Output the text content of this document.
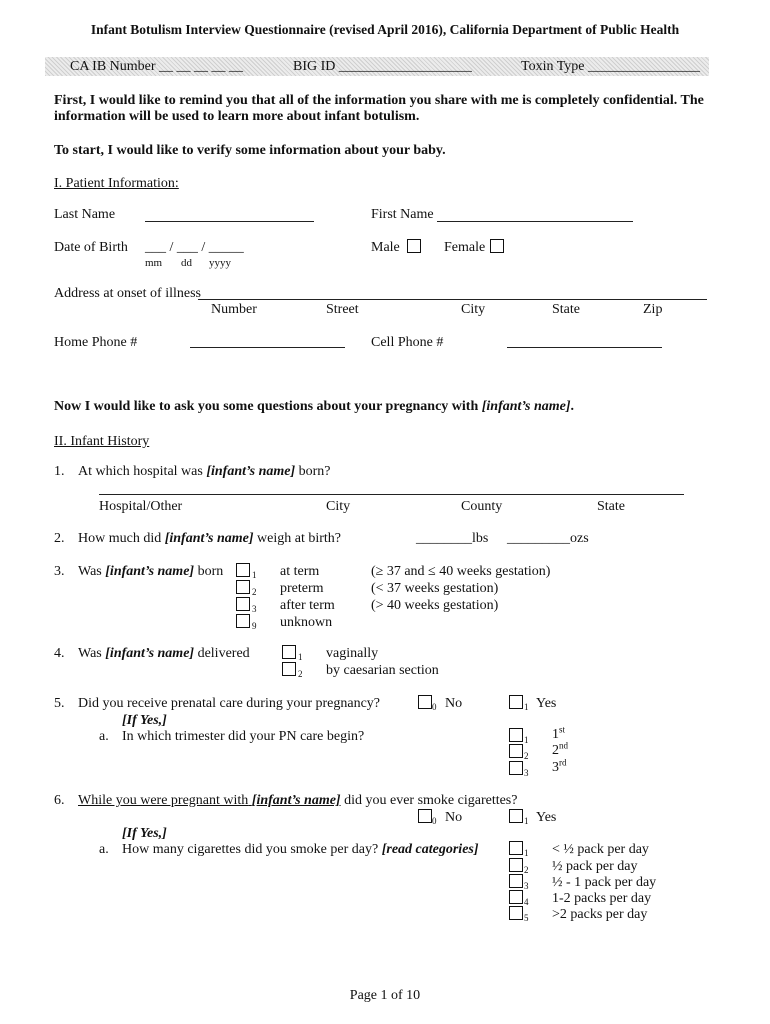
Infant Botulism Interview Questionnaire (revised April 2016), California Department of Public Health
CA IB Number __ __ __ __ __	BIG ID ___________________	Toxin Type ________________
First, I would like to remind you that all of the information you share with me is completely confidential. The
information will be used to learn more about infant botulism.
To start, I would like to verify some information about your baby.
I. Patient Information:
Last Name	First Name
Date of Birth ___ / ___ / _____
mm dd yyyy
Male	Female
Address at onset of illness
Number	Street	City	State	Zip
Home Phone #	Cell Phone #
Now I would like to ask you some questions about your pregnancy with [infant’s name].
II. Infant History
1. At which hospital was [infant’s name] born?
Hospital/Other	City	County	State
2. How much did [infant’s name] weigh at birth?	________lbs _________ozs
3. Was [infant’s name] born	1 at term	(≥ 37 and ≤ 40 weeks gestation)
2 preterm	(< 37 weeks gestation)
3 after term	(> 40 weeks gestation)
9 unknown
4. Was [infant’s name] delivered	1 vaginally
2 by caesarian section
5. Did you receive prenatal care during your pregnancy?	0 No	1 Yes
[If Yes,]
a. In which trimester did your PN care begin?	1 1st
2 2nd
3 3rd
6. While you were pregnant with [infant’s name] did you ever smoke cigarettes?
0 No	1 Yes
[If Yes,]
a. How many cigarettes did you smoke per day? [read categories]	1 < ½ pack per day
2 ½ pack per day
3 ½ - 1 pack per day
4 1-2 packs per day
5 >2 packs per day
Page 1 of 10
